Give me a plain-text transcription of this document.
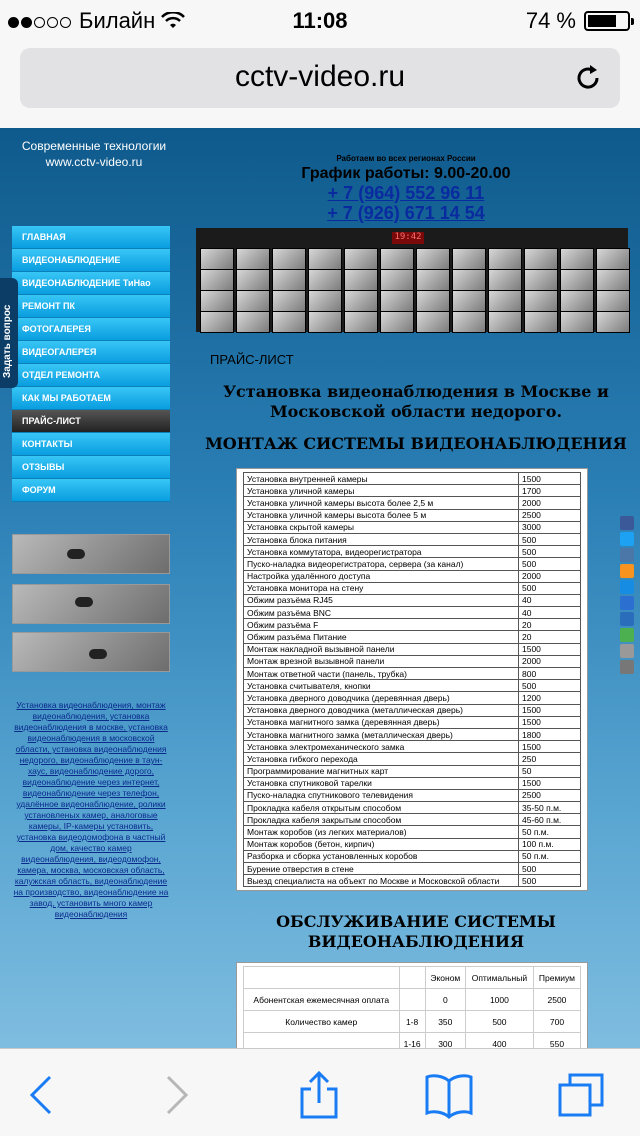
Билайн	11:08	74 %
cctv-video.ru
Современные технологии
www.cctv-video.ru
ГЛАВНАЯ
ВИДЕОНАБЛЮДЕНИЕ
ВИДЕОНАБЛЮДЕНИЕ ТиНао
РЕМОНТ ПК
ФОТОГАЛЕРЕЯ
ВИДЕОГАЛЕРЕЯ
ОТДЕЛ РЕМОНТА
КАК МЫ РАБОТАЕМ
ПРАЙС-ЛИСТ
КОНТАКТЫ
ОТЗЫВЫ
ФОРУМ
Задать вопрос
Установка видеонаблюдения, монтаж видеонаблюдения, установка видеонаблюдения в москве, установка видеонаблюдения в московской области, установка видеонаблюдения недорого, видеонаблюдение в таун-хаус, видеонаблюдение дорого, видеонаблюдение через интернет, видеонаблюдение через телефон, удалённое видеонаблюдение, ролики установленых камер, аналоговые камеры, IP-камеры установить, установка видеодомофона в частный дом, качество камер видеонаблюдения, видеодомофон, камера, москва, московская область, калужская область, видеонаблюдение на производство, видеонаблюдение на завод, установить много камер видеонаблюдения
Работаем во всех регионах России
График работы: 9.00-20.00
+ 7 (964) 552 96 11
+ 7 (926) 671 14 54
19:42
ПРАЙС-ЛИСТ
Установка видеонаблюдения в Москве и Московской области недорого.
МОНТАЖ СИСТЕМЫ ВИДЕОНАБЛЮДЕНИЯ
Установка внутренней камеры	1500
Установка уличной камеры	1700
Установка уличной камеры высота более 2,5 м	2000
Установка уличной камеры высота более 5 м	2500
Установка скрытой камеры	3000
Установка блока питания	500
Установка коммутатора, видеорегистратора	500
Пуско-наладка видеорегистратора, сервера (за канал)	500
Настройка удалённого доступа	2000
Установка монитора на стену	500
Обжим разъёма RJ45	40
Обжим разъёма BNC	40
Обжим разъёма F	20
Обжим разъёма Питание	20
Монтаж накладной вызывной панели	1500
Монтаж врезной вызывной панели	2000
Монтаж ответной части (панель, трубка)	800
Установка считывателя, кнопки	500
Установка дверного доводчика (деревянная дверь)	1200
Установка дверного доводчика (металлическая дверь)	1500
Установка магнитного замка (деревянная дверь)	1500
Установка магнитного замка (металлическая дверь)	1800
Установка электромеханического замка	1500
Установка гибкого перехода	250
Программирование магнитных карт	50
Установка спутниковой тарелки	1500
Пуско-наладка спутникового телевидения	2500
Прокладка кабеля открытым способом	35-50 п.м.
Прокладка кабеля закрытым способом	45-60 п.м.
Монтаж коробов (из легких материалов)	50 п.м.
Монтаж коробов (бетон, кирпич)	100 п.м.
Разборка и сборка установленных коробов	50 п.м.
Бурение отверстия в стене	500
Выезд специалиста на объект по Москве и Московской области	500
ОБСЛУЖИВАНИЕ СИСТЕМЫ ВИДЕОНАБЛЮДЕНИЯ
		Эконом	Оптимальный	Премиум
Абонентская ежемесячная оплата		0	1000	2500
Количество камер	1-8	350	500	700
	1-16	300	400	550
